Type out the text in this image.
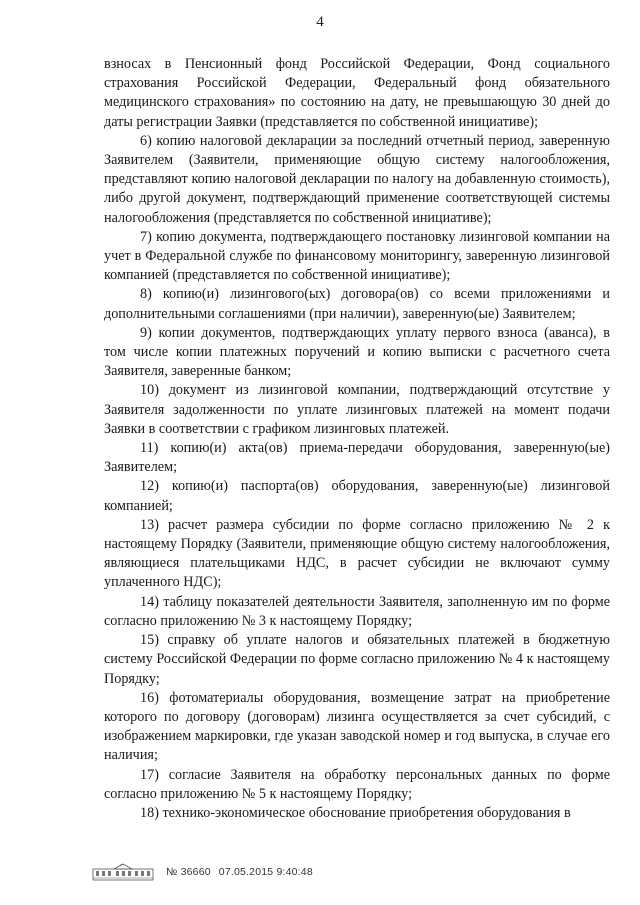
4

взносах в Пенсионный фонд Российской Федерации, Фонд социального страхования Российской Федерации, Федеральный фонд обязательного медицинского страхования» по состоянию на дату, не превышающую 30 дней до даты регистрации Заявки (представляется по собственной инициативе);

6) копию налоговой декларации за последний отчетный период, заверенную Заявителем (Заявители, применяющие общую систему налогообложения, представляют копию налоговой декларации по налогу на добавленную стоимость), либо другой документ, подтверждающий применение соответствующей системы налогообложения (представляется по собственной инициативе);

7) копию документа, подтверждающего постановку лизинговой компании на учет в Федеральной службе по финансовому мониторингу, заверенную лизинговой компанией (представляется по собственной инициативе);

8) копию(и) лизингового(ых) договора(ов) со всеми приложениями и дополнительными соглашениями (при наличии), заверенную(ые) Заявителем;

9) копии документов, подтверждающих уплату первого взноса (аванса), в том числе копии платежных поручений и копию выписки с расчетного счета Заявителя, заверенные банком;

10) документ из лизинговой компании, подтверждающий отсутствие у Заявителя задолженности по уплате лизинговых платежей на момент подачи Заявки в соответствии с графиком лизинговых платежей.

11) копию(и) акта(ов) приема-передачи оборудования, заверенную(ые) Заявителем;

12) копию(и) паспорта(ов) оборудования, заверенную(ые) лизинговой компанией;

13) расчет размера субсидии по форме согласно приложению № 2 к настоящему Порядку (Заявители, применяющие общую систему налогообложения, являющиеся плательщиками НДС, в расчет субсидии не включают сумму уплаченного НДС);

14) таблицу показателей деятельности Заявителя, заполненную им по форме согласно приложению № 3 к настоящему Порядку;

15) справку об уплате налогов и обязательных платежей в бюджетную систему Российской Федерации по форме согласно приложению № 4 к настоящему Порядку;

16) фотоматериалы оборудования, возмещение затрат на приобретение которого по договору (договорам) лизинга осуществляется за счет субсидий, с изображением маркировки, где указан заводской номер и год выпуска, в случае его наличия;

17) согласие Заявителя на обработку персональных данных по форме согласно приложению № 5 к настоящему Порядку;

18) технико-экономическое обоснование приобретения оборудования в

№ 36660 07.05.2015 9:40:48
